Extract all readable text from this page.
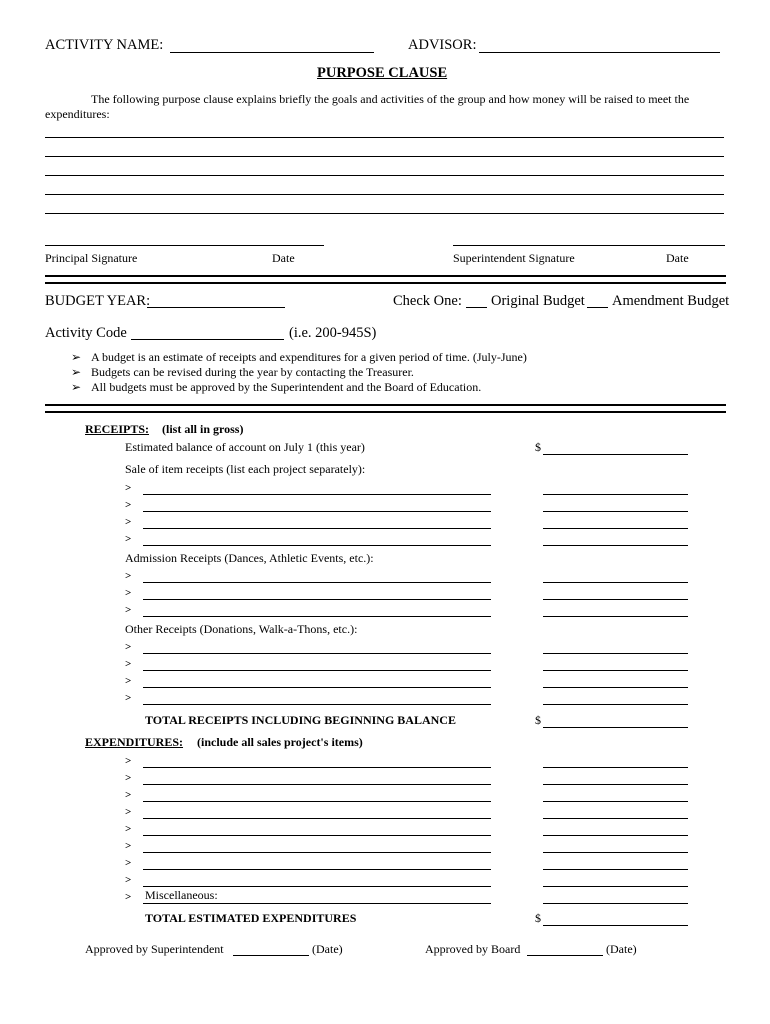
ACTIVITY NAME:	ADVISOR:
PURPOSE CLAUSE
The following purpose clause explains briefly the goals and activities of the group and how money will be raised to meet the
expenditures:
Principal Signature	Date	Superintendent Signature	Date
BUDGET YEAR:	Check One: Original Budget Amendment Budget
Activity Code	(i.e. 200-945S)
➢ A budget is an estimate of receipts and expenditures for a given period of time. (July-June)
➢ Budgets can be revised during the year by contacting the Treasurer.
➢ All budgets must be approved by the Superintendent and the Board of Education.
RECEIPTS: (list all in gross)
Estimated balance of account on July 1 (this year)	$
Sale of item receipts (list each project separately):
>
>
>
>
Admission Receipts (Dances, Athletic Events, etc.):
>
>
>
Other Receipts (Donations, Walk-a-Thons, etc.):
>
>
>
>
TOTAL RECEIPTS INCLUDING BEGINNING BALANCE	$
EXPENDITURES: (include all sales project's items)
>
>
>
>
>
>
>
>
> Miscellaneous:
TOTAL ESTIMATED EXPENDITURES	$
Approved by Superintendent	(Date)	Approved by Board	(Date)
